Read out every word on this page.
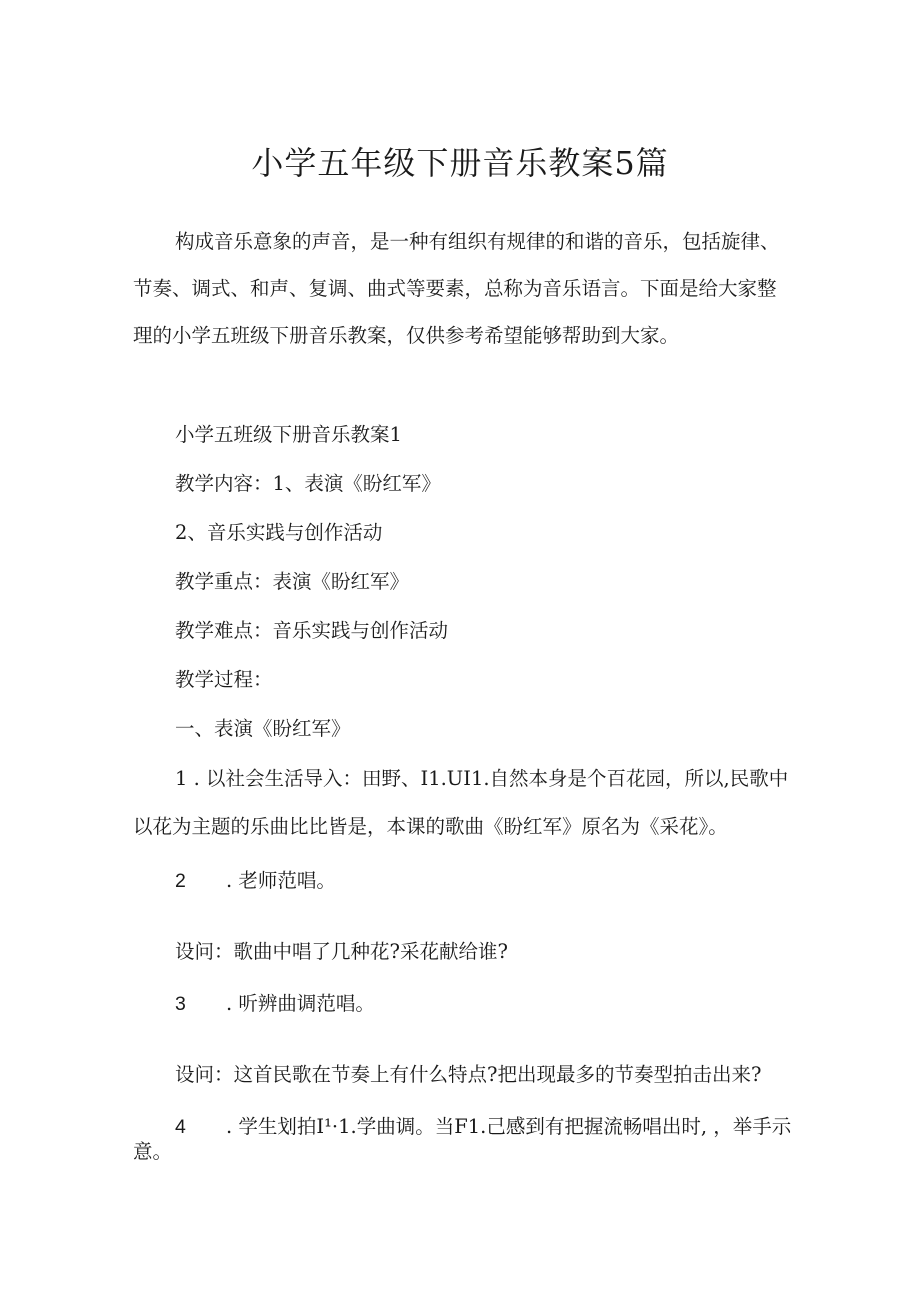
小学五年级下册音乐教案5篇
构成音乐意象的声音，是一种有组织有规律的和谐的音乐，包括旋律、
节奏、调式、和声、复调、曲式等要素，总称为音乐语言。下面是给大家整
理的小学五班级下册音乐教案，仅供参考希望能够帮助到大家。
小学五班级下册音乐教案1
教学内容：1、表演《盼红军》
2、音乐实践与创作活动
教学重点：表演《盼红军》
教学难点：音乐实践与创作活动
教学过程：
一、表演《盼红军》
1 . 以社会生活导入：田野、I1.UI1.自然本身是个百花园，所以,民歌中
以花为主题的乐曲比比皆是，本课的歌曲《盼红军》原名为《采花》。
2 . 老师范唱。
设问：歌曲中唱了几种花?采花献给谁?
3 . 听辨曲调范唱。
设问：这首民歌在节奏上有什么特点?把出现最多的节奏型拍击出来?
4 . 学生划拍I¹·1.学曲调。当F1.己感到有把握流畅唱出时, ，举手示
意。
